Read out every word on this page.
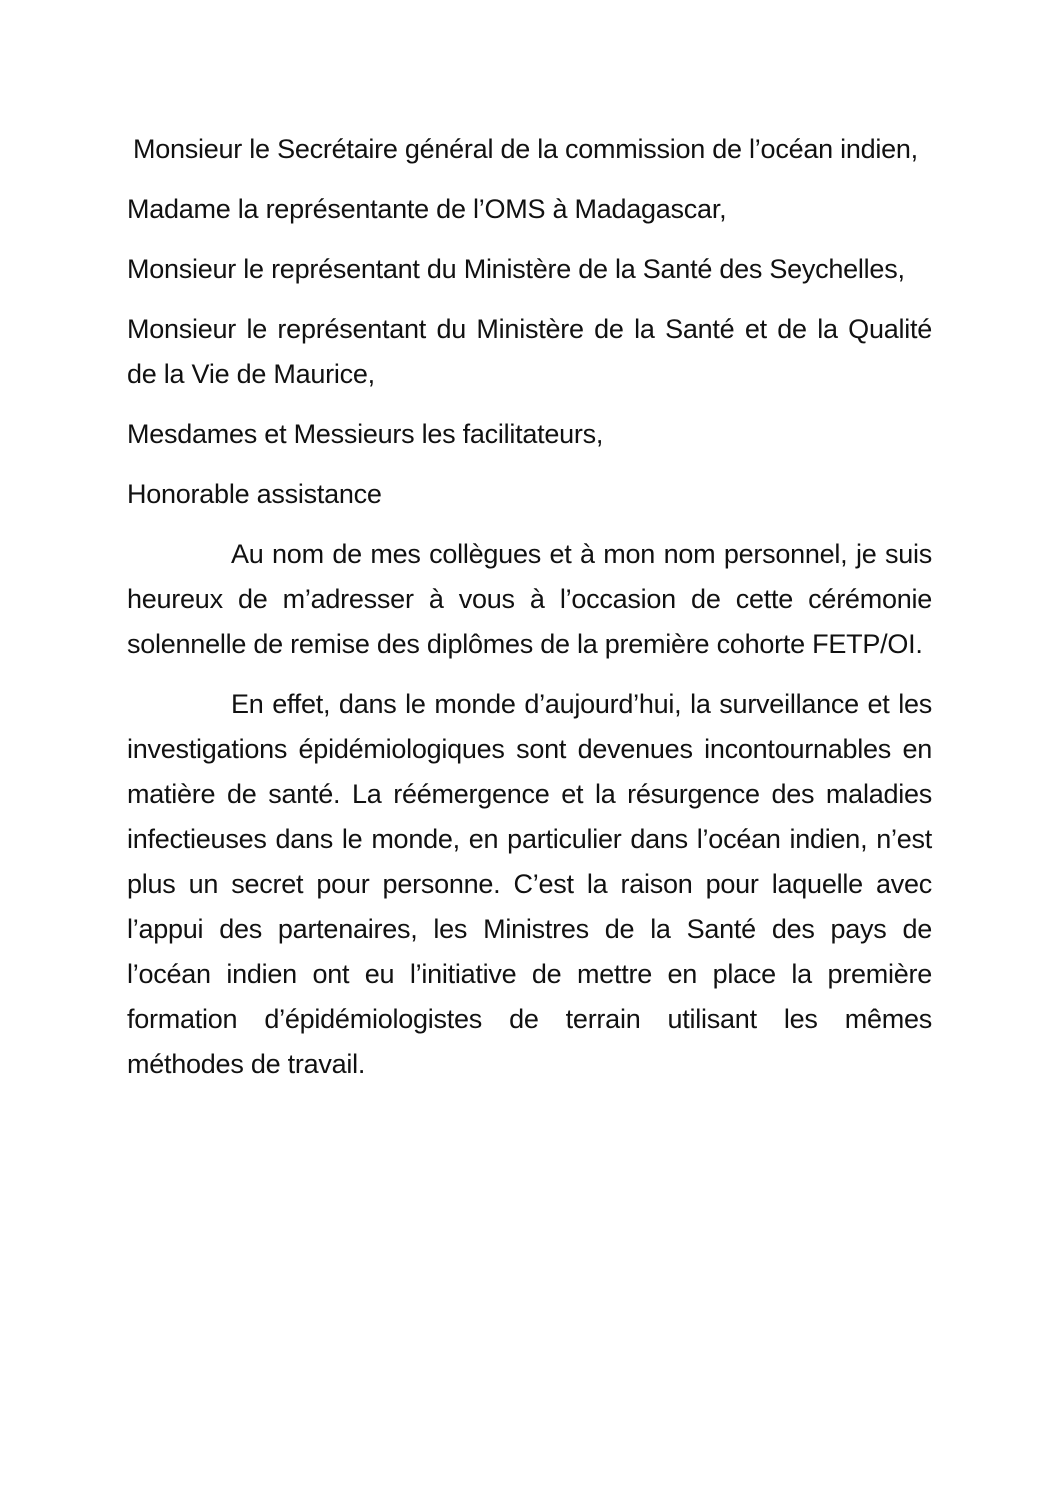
Monsieur le Secrétaire général de la commission de l’océan indien,

Madame la représentante de l’OMS à Madagascar,

Monsieur le représentant du Ministère de la Santé des Seychelles,

Monsieur le représentant du Ministère de la Santé et de la Qualité de la Vie de Maurice,

Mesdames et Messieurs les facilitateurs,

Honorable assistance

Au nom de mes collègues et à mon nom personnel, je suis heureux de m’adresser à vous à l’occasion de cette cérémonie solennelle de remise des diplômes de la première cohorte FETP/OI.

En effet, dans le monde d’aujourd’hui, la surveillance et les investigations épidémiologiques sont devenues incontournables en matière de santé. La réémergence et la résurgence des maladies infectieuses dans le monde, en particulier dans l’océan indien, n’est plus un secret pour personne. C’est la raison pour laquelle avec l’appui des partenaires, les Ministres de la Santé des pays de l’océan indien ont eu l’initiative de mettre en place la première formation d’épidémiologistes de terrain utilisant les mêmes méthodes de travail.
